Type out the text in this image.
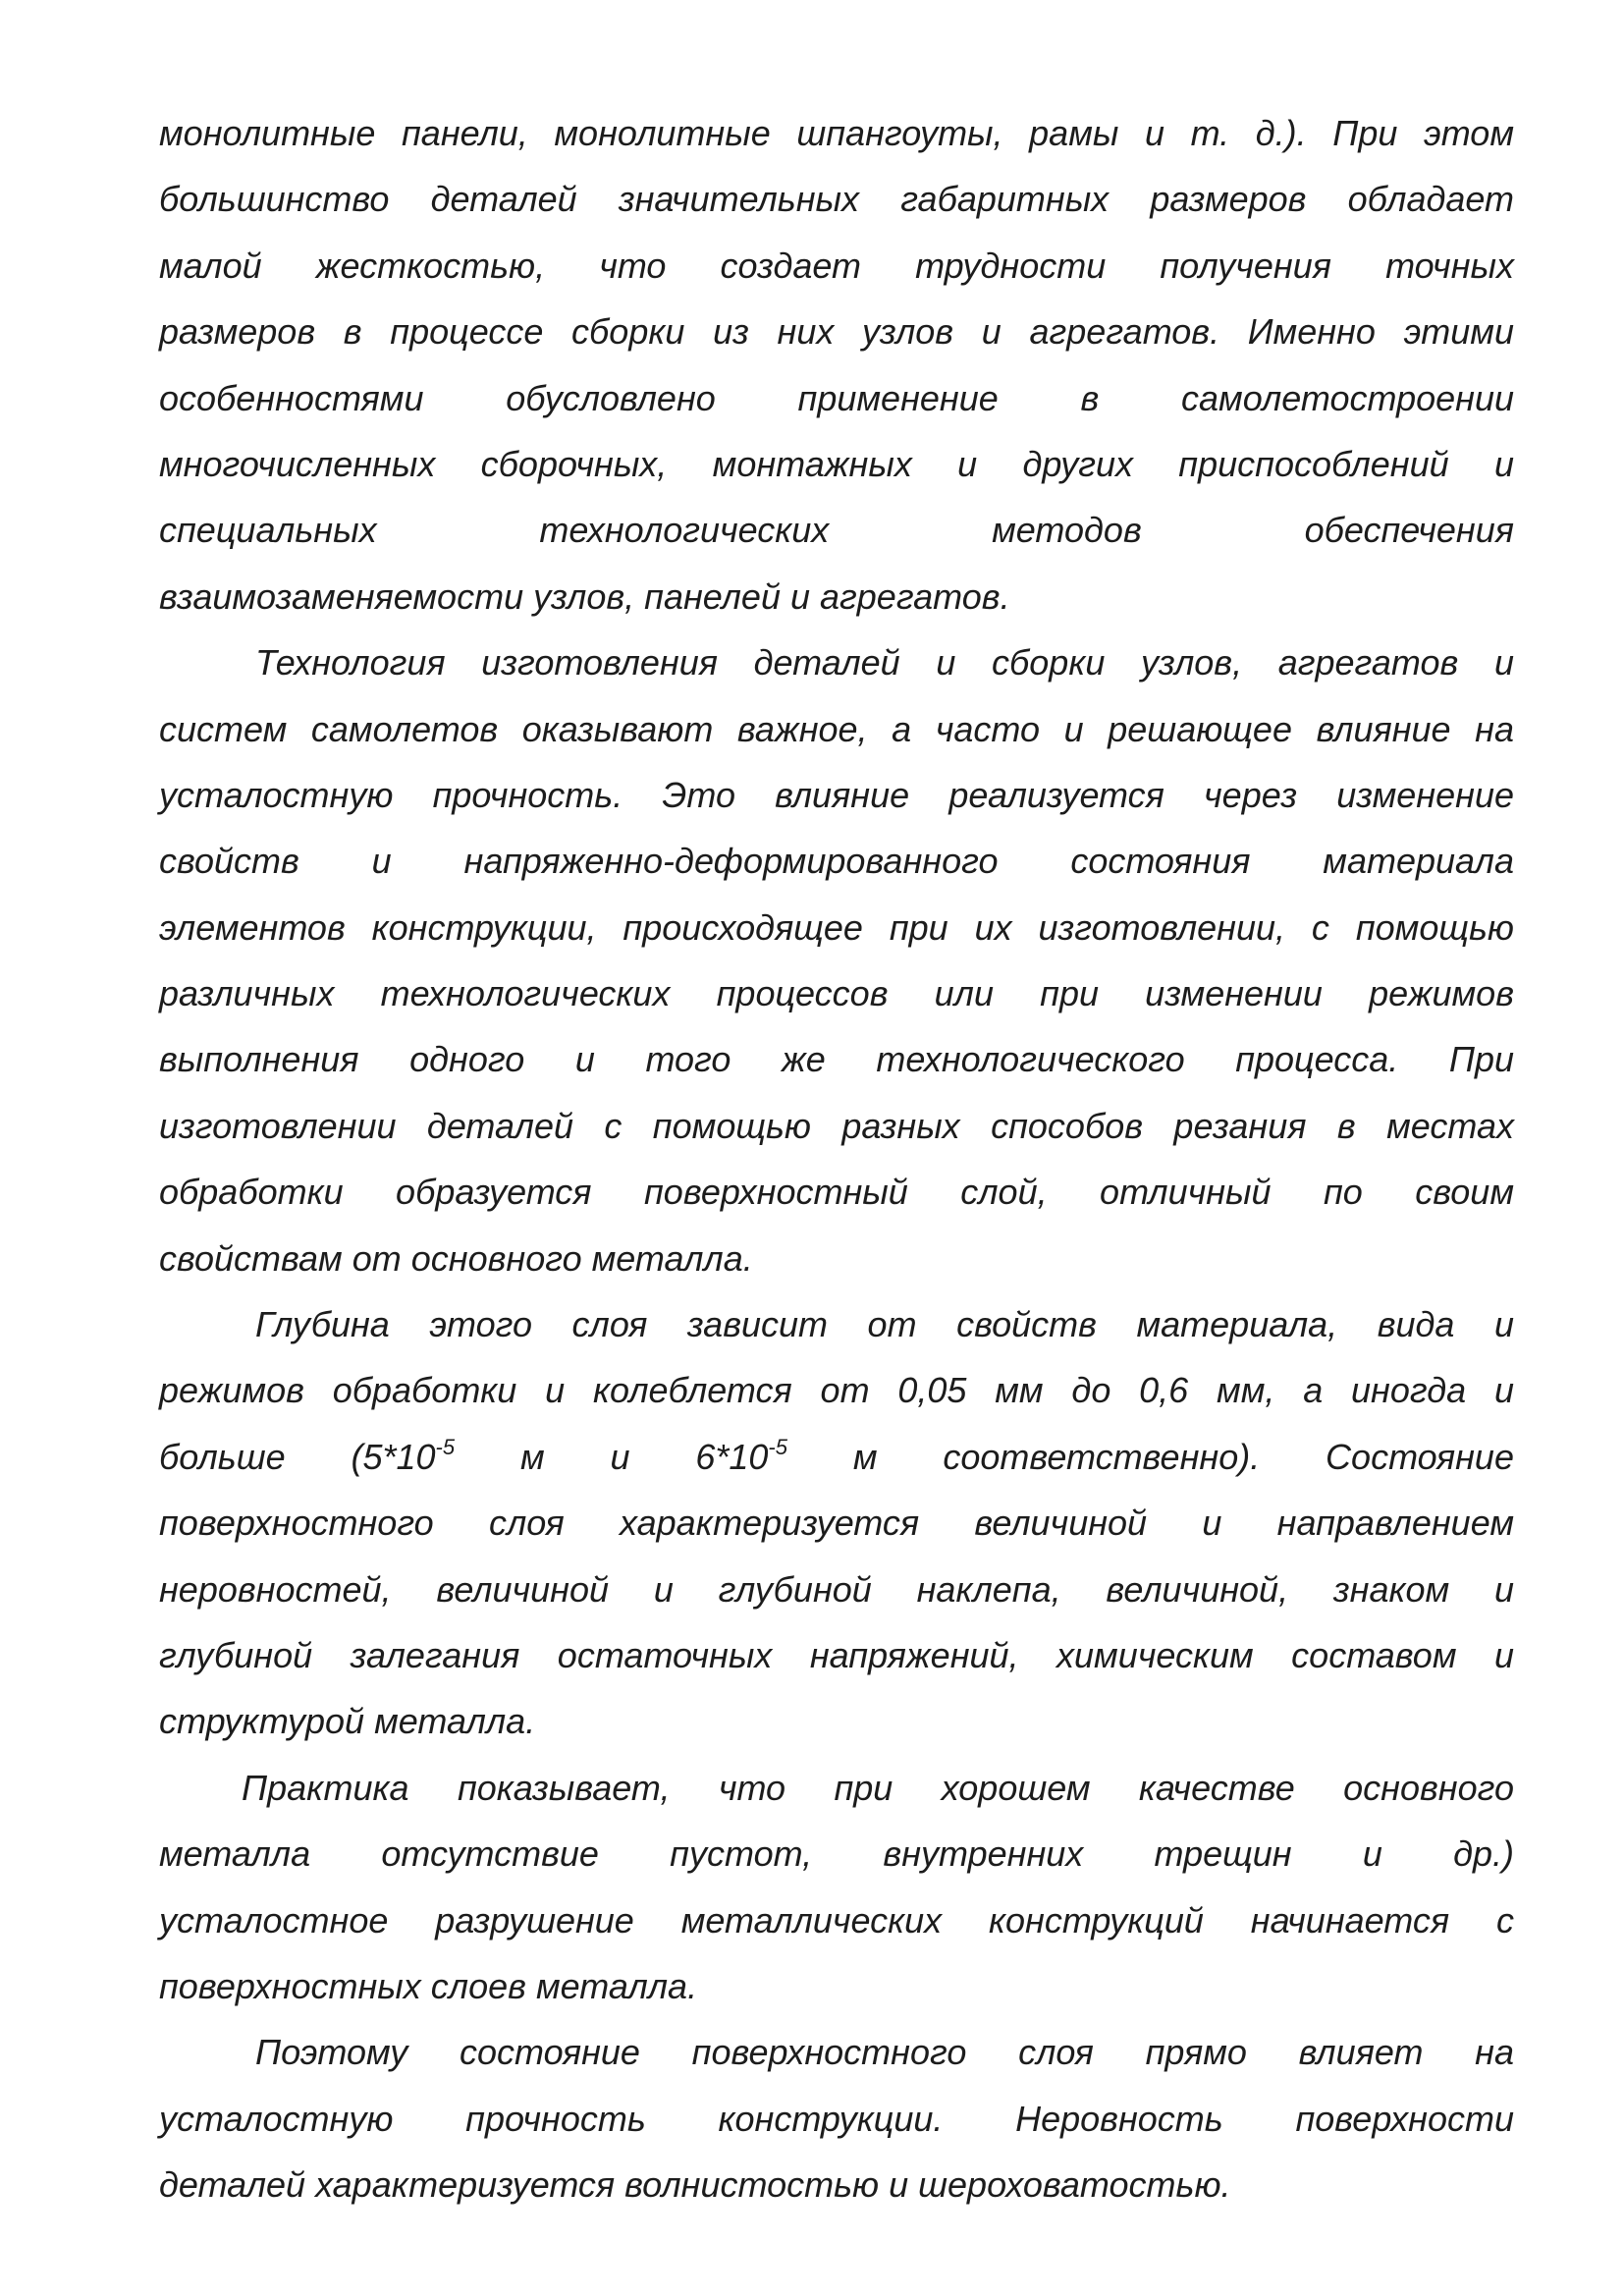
монолитные панели, монолитные шпангоуты, рамы и т. д.). При этом
большинство деталей значительных габаритных размеров обладает
малой жесткостью, что создает трудности получения точных
размеров в процессе сборки из них узлов и агрегатов. Именно этими
особенностями обусловлено применение в самолетостроении
многочисленных сборочных, монтажных и других приспособлений и
специальных технологических методов обеспечения
взаимозаменяемости узлов, панелей и агрегатов.
Технология изготовления деталей и сборки узлов, агрегатов и
систем самолетов оказывают важное, а часто и решающее влияние на
усталостную прочность. Это влияние реализуется через изменение
свойств и напряженно-деформированного состояния материала
элементов конструкции, происходящее при их изготовлении, с помощью
различных технологических процессов или при изменении режимов
выполнения одного и того же технологического процесса. При
изготовлении деталей с помощью разных способов резания в местах
обработки образуется поверхностный слой, отличный по своим
свойствам от основного металла.
Глубина этого слоя зависит от свойств материала, вида и
режимов обработки и колеблется от 0,05 мм до 0,6 мм, а иногда и
больше ($5*10^{-5}$ м и $6*10^{-5}$ м соответственно). Состояние
поверхностного слоя характеризуется величиной и направлением
неровностей, величиной и глубиной наклепа, величиной, знаком и
глубиной залегания остаточных напряжений, химическим составом и
структурой металла.
Практика показывает, что при хорошем качестве основного
металла отсутствие пустот, внутренних трещин и др.)
усталостное разрушение металлических конструкций начинается с
поверхностных слоев металла.
Поэтому состояние поверхностного слоя прямо влияет на
усталостную прочность конструкции. Неровность поверхности
деталей характеризуется волнистостью и шероховатостью.
